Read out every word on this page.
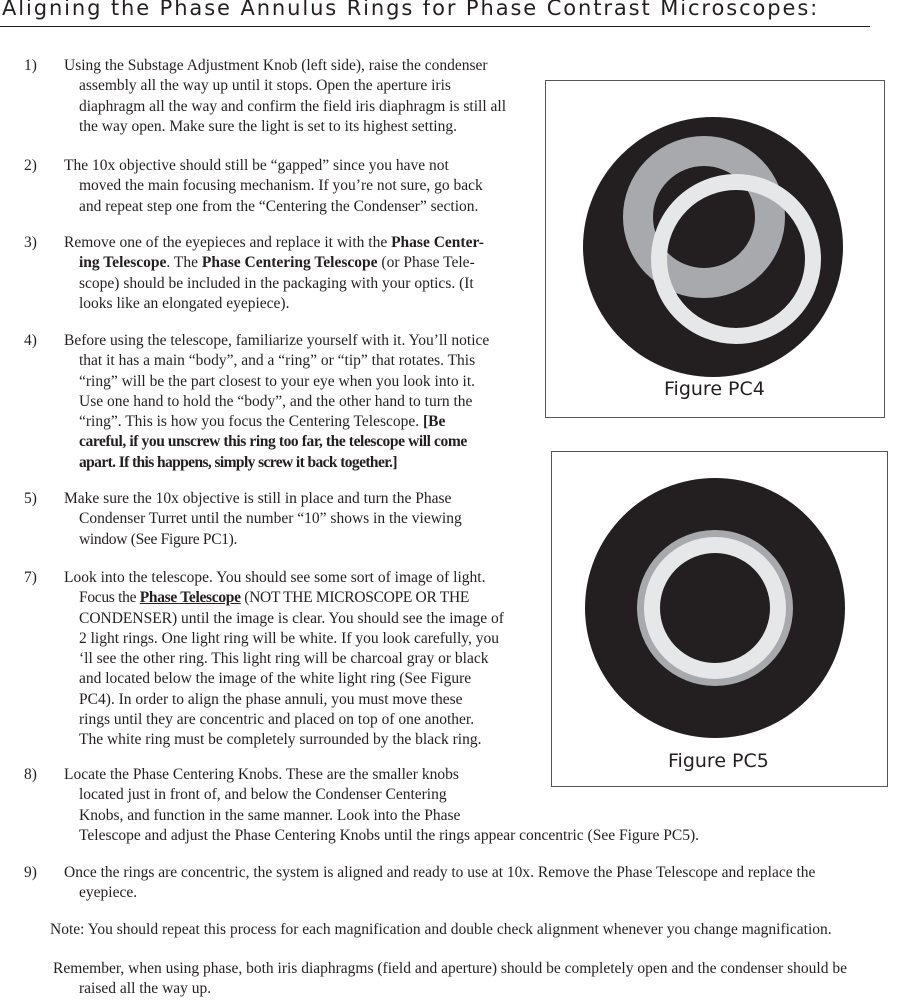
Aligning the Phase Annulus Rings for Phase Contrast Microscopes:
1) Using the Substage Adjustment Knob (left side), raise the condenser
assembly all the way up until it stops. Open the aperture iris
diaphragm all the way and confirm the field iris diaphragm is still all
the way open. Make sure the light is set to its highest setting.
2) The 10x objective should still be “gapped” since you have not
moved the main focusing mechanism. If you’re not sure, go back
and repeat step one from the “Centering the Condenser” section.
3) Remove one of the eyepieces and replace it with the Phase Center-
ing Telescope. The Phase Centering Telescope (or Phase Tele-
scope) should be included in the packaging with your optics. (It
looks like an elongated eyepiece).
4) Before using the telescope, familiarize yourself with it. You’ll notice
that it has a main “body”, and a “ring” or “tip” that rotates. This
“ring” will be the part closest to your eye when you look into it.
Use one hand to hold the “body”, and the other hand to turn the
“ring”. This is how you focus the Centering Telescope. [Be
careful, if you unscrew this ring too far, the telescope will come
apart. If this happens, simply screw it back together.]
5) Make sure the 10x objective is still in place and turn the Phase
Condenser Turret until the number “10” shows in the viewing
window (See Figure PC1).
7) Look into the telescope. You should see some sort of image of light.
Focus the Phase Telescope (NOT THE MICROSCOPE OR THE
CONDENSER) until the image is clear. You should see the image of
2 light rings. One light ring will be white. If you look carefully, you
‘ll see the other ring. This light ring will be charcoal gray or black
and located below the image of the white light ring (See Figure
PC4). In order to align the phase annuli, you must move these
rings until they are concentric and placed on top of one another.
The white ring must be completely surrounded by the black ring.
8) Locate the Phase Centering Knobs. These are the smaller knobs
located just in front of, and below the Condenser Centering
Knobs, and function in the same manner. Look into the Phase
Telescope and adjust the Phase Centering Knobs until the rings appear concentric (See Figure PC5).
9) Once the rings are concentric, the system is aligned and ready to use at 10x. Remove the Phase Telescope and replace the
eyepiece.
Note: You should repeat this process for each magnification and double check alignment whenever you change magnification.
Remember, when using phase, both iris diaphragms (field and aperture) should be completely open and the condenser should be
raised all the way up.
Figure PC4
Figure PC5
